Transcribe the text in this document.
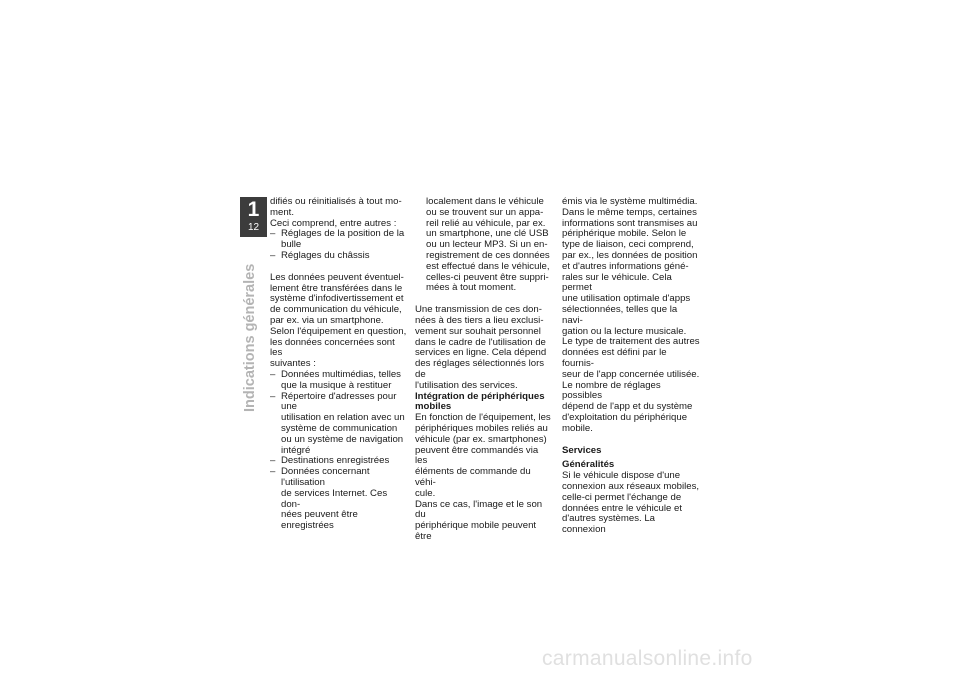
1
12
Indications générales

difiés ou réinitialisés à tout mo-

ment.

Ceci comprend, entre autres :

– Réglages de la position de la

bulle

– Réglages du châssis

Les données peuvent éventuel-

lement être transférées dans le

système d'infodivertissement et

de communication du véhicule,

par ex. via un smartphone.

Selon l'équipement en question,

les données concernées sont les

suivantes :

– Données multimédias, telles

que la musique à restituer

– Répertoire d'adresses pour une

utilisation en relation avec un

système de communication

ou un système de navigation

intégré

– Destinations enregistrées

– Données concernant l'utilisation

de services Internet. Ces don-

nées peuvent être enregistrées

localement dans le véhicule

ou se trouvent sur un appa-

reil relié au véhicule, par ex.

un smartphone, une clé USB

ou un lecteur MP3. Si un en-

registrement de ces données

est effectué dans le véhicule,

celles-ci peuvent être suppri-

mées à tout moment.

Une transmission de ces don-

nées à des tiers a lieu exclusi-

vement sur souhait personnel

dans le cadre de l'utilisation de

services en ligne. Cela dépend

des réglages sélectionnés lors de

l'utilisation des services.

Intégration de périphériques

mobiles

En fonction de l'équipement, les

périphériques mobiles reliés au

véhicule (par ex. smartphones)

peuvent être commandés via les

éléments de commande du véhi-

cule.

Dans ce cas, l'image et le son du

périphérique mobile peuvent être

émis via le système multimédia.

Dans le même temps, certaines

informations sont transmises au

périphérique mobile. Selon le

type de liaison, ceci comprend,

par ex., les données de position

et d'autres informations géné-

rales sur le véhicule. Cela permet

une utilisation optimale d'apps

sélectionnées, telles que la navi-

gation ou la lecture musicale.

Le type de traitement des autres

données est défini par le fournis-

seur de l'app concernée utilisée.

Le nombre de réglages possibles

dépend de l'app et du système

d'exploitation du périphérique

mobile.

Services

Généralités

Si le véhicule dispose d'une

connexion aux réseaux mobiles,

celle-ci permet l'échange de

données entre le véhicule et

d'autres systèmes. La connexion

carmanualsonline.info
